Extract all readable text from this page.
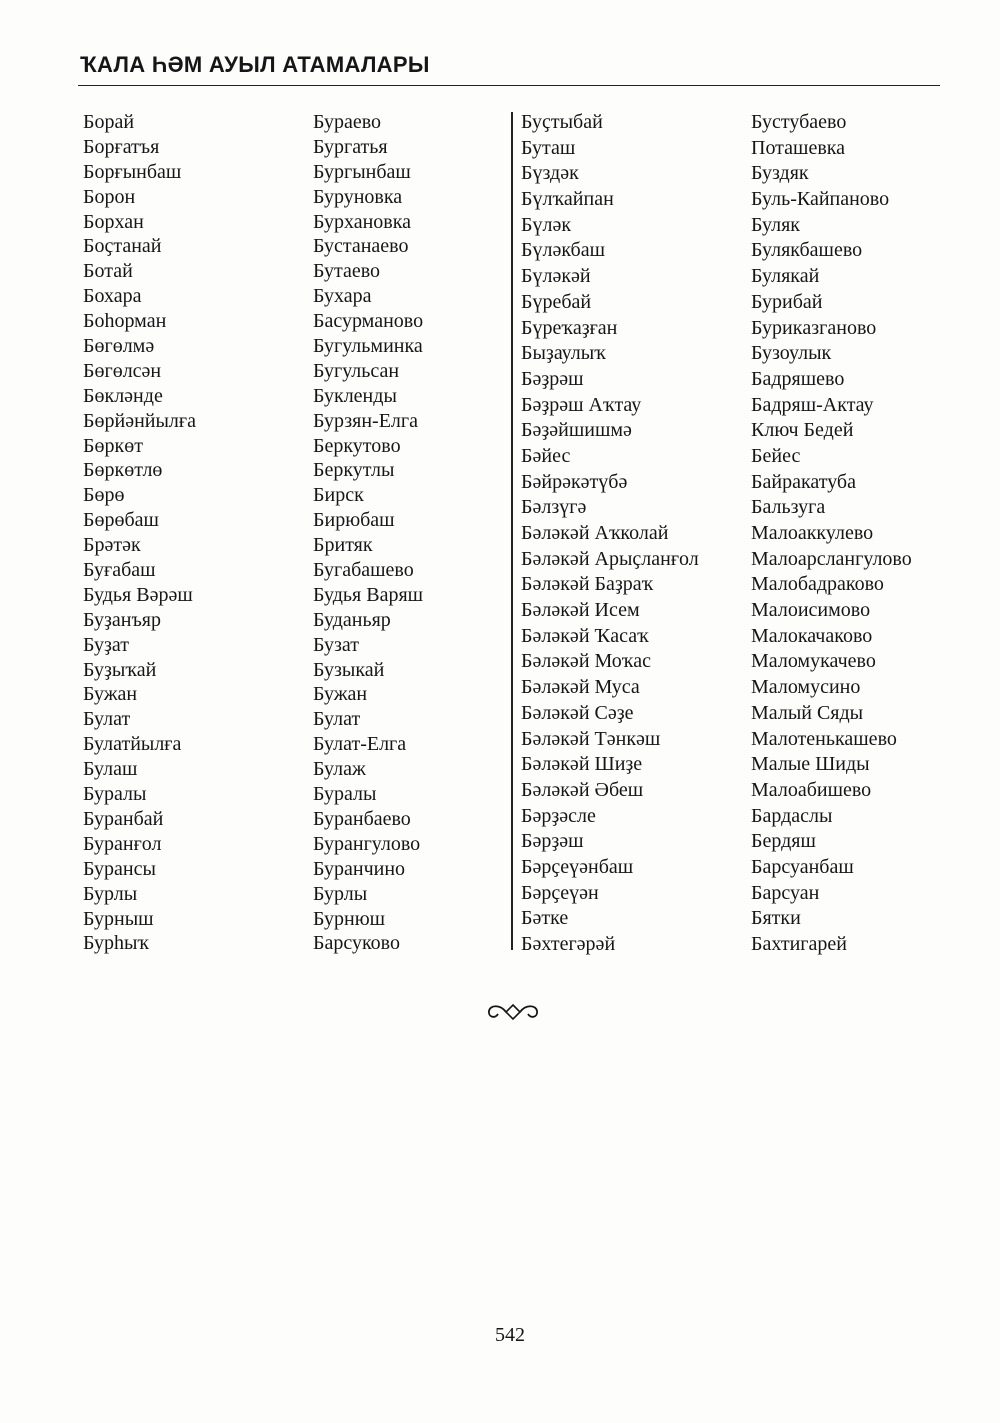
ҠАЛА ҺӘМ АУЫЛ АТАМАЛАРЫ
Борай	Бураево
Борғатъя	Бургатья
Борғынбаш	Бургынбаш
Борон	Буруновка
Борхан	Бурхановка
Боҫтанай	Бустанаево
Ботай	Бутаево
Бохара	Бухара
Боһорман	Басурманово
Бөгөлмә	Бугульминка
Бөгөлсән	Бугульсан
Бөкләнде	Букленды
Бөрйәнйылға	Бурзян-Елга
Бөркөт	Беркутово
Бөркөтлө	Беркутлы
Бөрө	Бирск
Бөрөбаш	Бирюбаш
Брәтәк	Бритяк
Буғабаш	Бугабашево
Будья Вәрәш	Будья Варяш
Буҙанъяр	Буданьяр
Буҙат	Бузат
Буҙыҡай	Бузыкай
Бужан	Бужан
Булат	Булат
Булатйылға	Булат-Елга
Булаш	Булаж
Буралы	Буралы
Буранбай	Буранбаево
Буранғол	Бурангулово
Бурансы	Буранчино
Бурлы	Бурлы
Бурныш	Бурнюш
Бурһыҡ	Барсуково
Буҫтыбай	Бустубаево
Буташ	Поташевка
Бүздәк	Буздяк
Бүлҡайпан	Буль-Кайпаново
Бүләк	Буляк
Бүләкбаш	Булякбашево
Бүләкәй	Булякай
Бүребай	Бурибай
Бүреҡаҙған	Бурикaзганово
Быҙаулыҡ	Бузоулык
Бәҙрәш	Бадряшево
Бәҙрәш Аҡтау	Бадряш-Актау
Бәҙәйшишмә	Ключ Бедей
Бәйес	Бейес
Бәйрәкәтүбә	Байракатуба
Бәлзүгә	Бальзуга
Бәләкәй Аҡколай	Малоаккулево
Бәләкәй Арыҫланғол	Малоарслангулово
Бәләкәй Баҙраҡ	Малобадраково
Бәләкәй Исем	Малоисимово
Бәләкәй Ҡасаҡ	Малокачаково
Бәләкәй Моҡас	Маломукачево
Бәләкәй Муса	Маломусино
Бәләкәй Сәҙе	Малый Сяды
Бәләкәй Тәнкәш	Малотенькашево
Бәләкәй Шиҙе	Малые Шиды
Бәләкәй Әбеш	Малоабишево
Бәрҙәсле	Бардаслы
Бәрҙәш	Бердяш
Бәрҫеүәнбаш	Барсуанбаш
Бәрҫеүән	Барсуан
Бәтке	Бятки
Бәхтегәрәй	Бахтигарей
542
